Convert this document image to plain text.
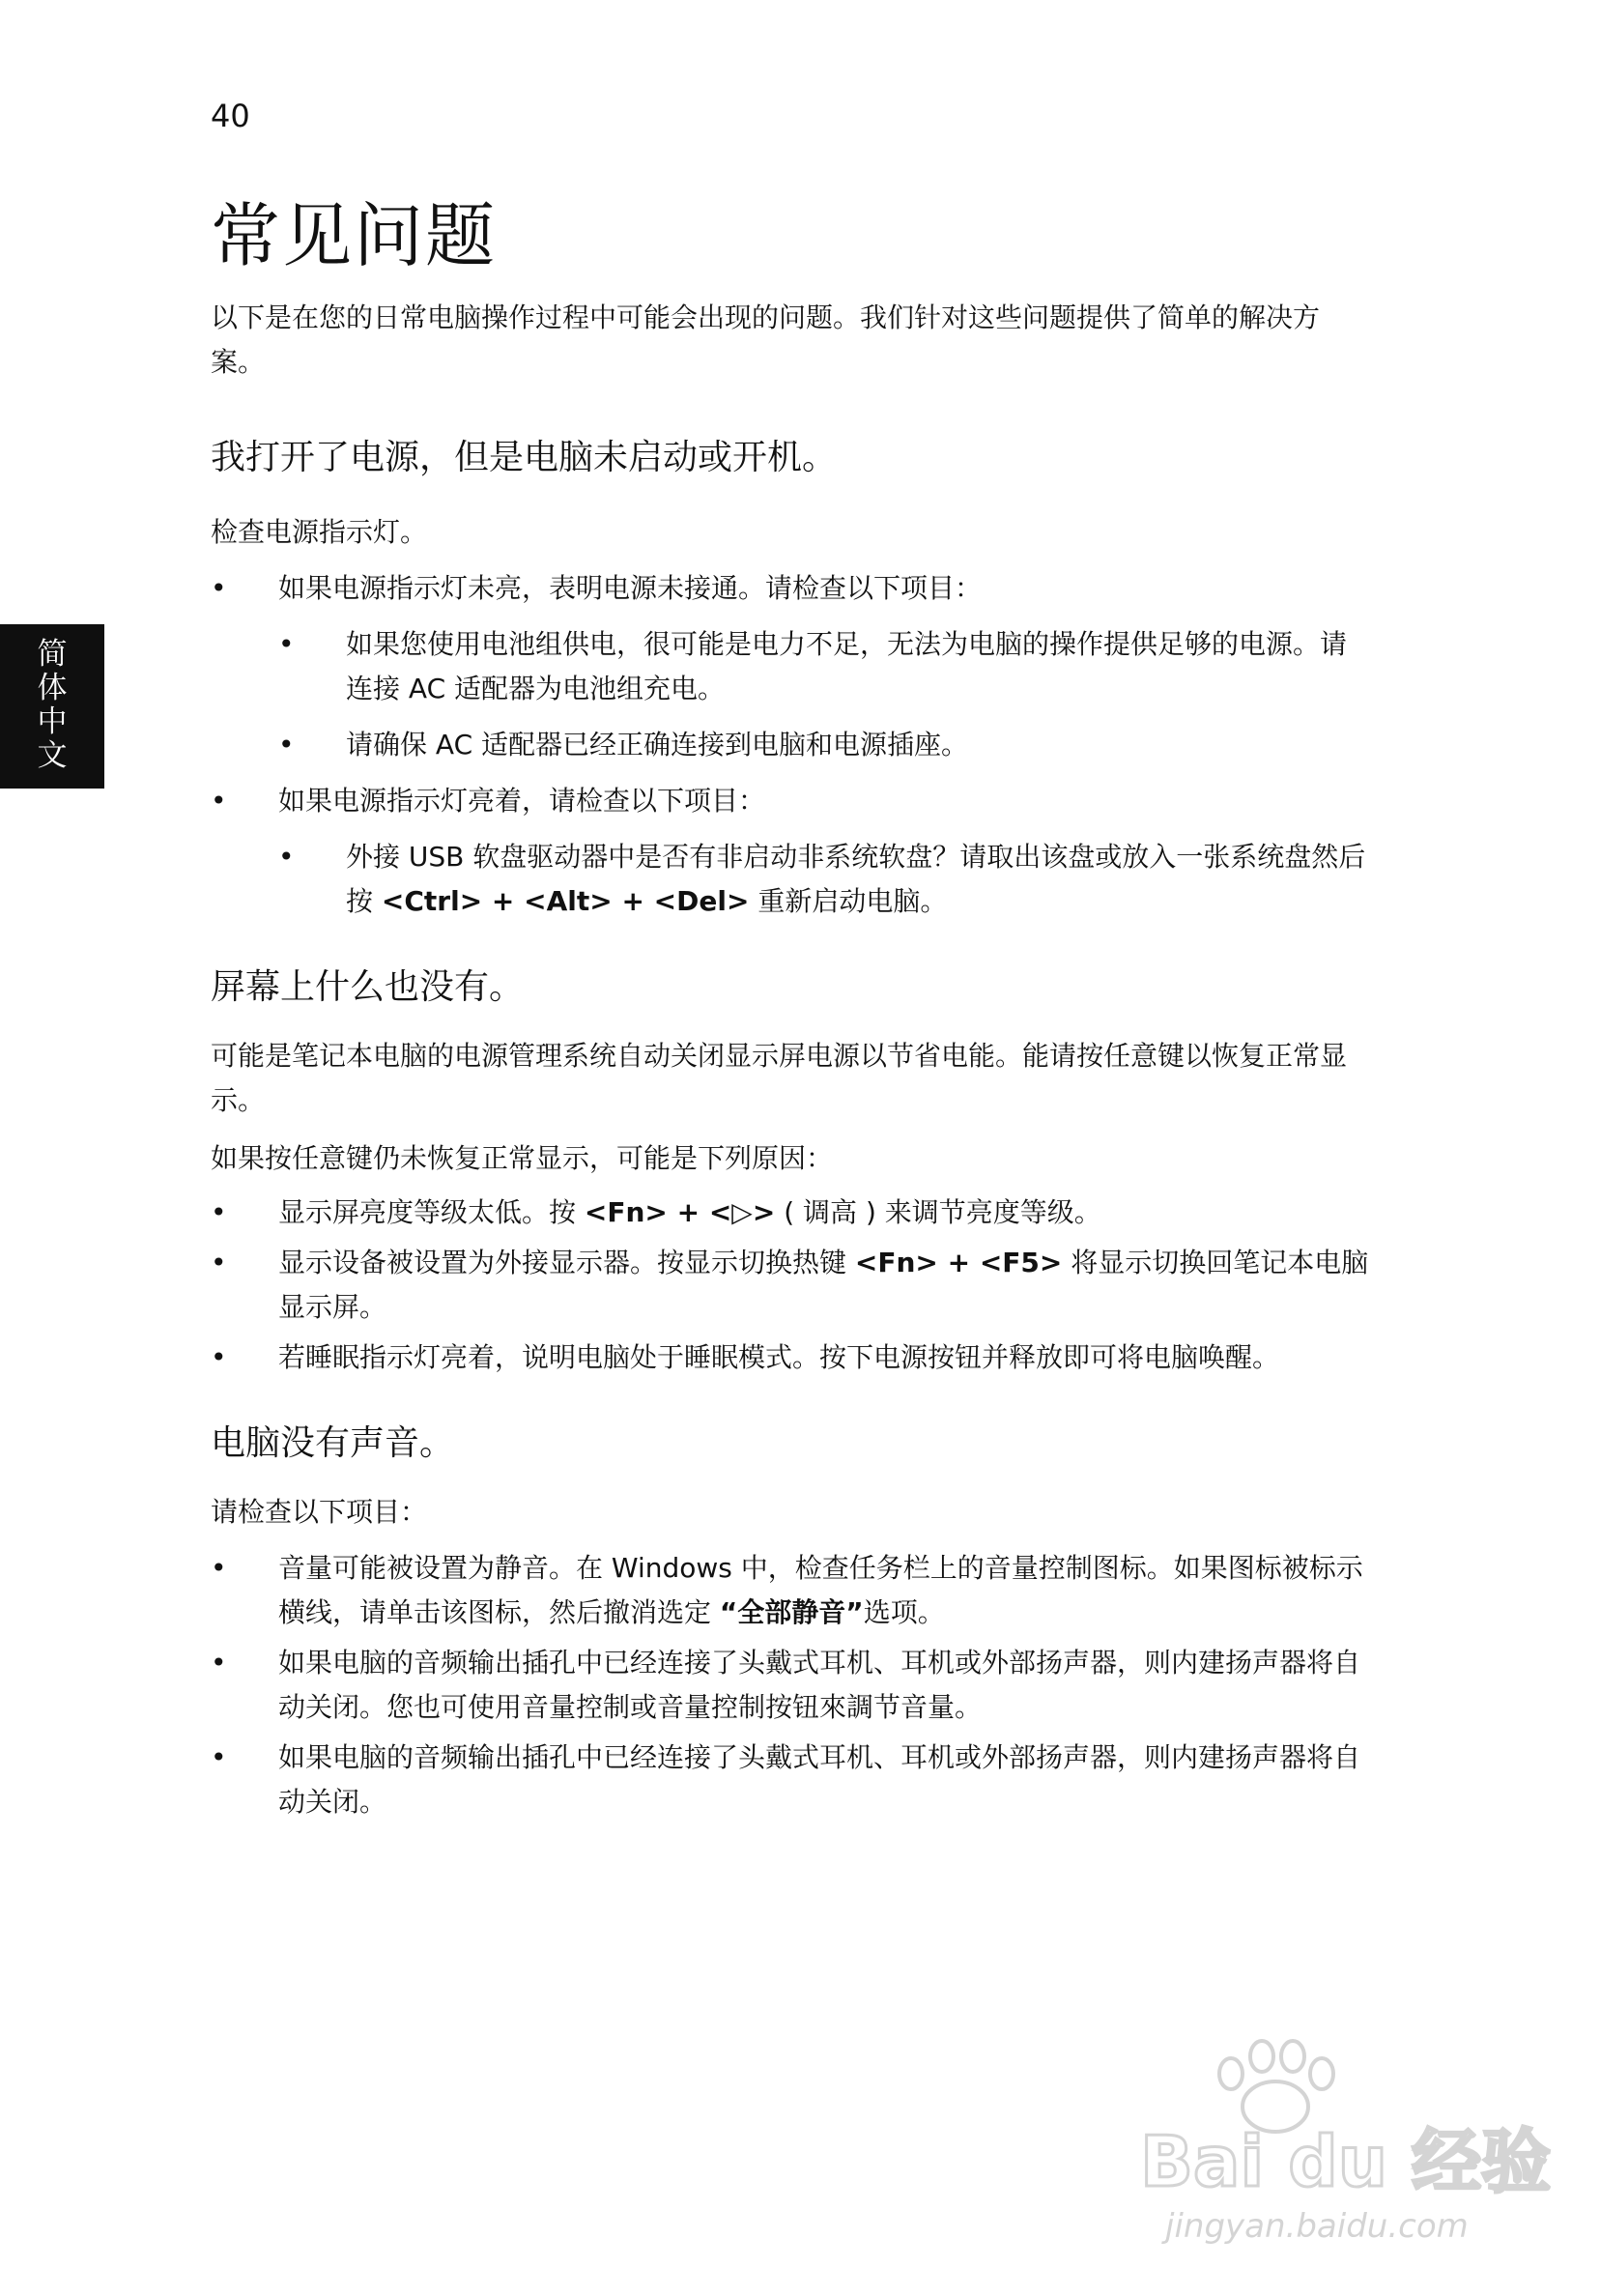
40
简体中文
常见问题

以下是在您的日常电脑操作过程中可能会出现的问题。我们针对这些问题提供了简单的解决方案。

我打开了电源，但是电脑未启动或开机。

检查电源指示灯。

•	如果电源指示灯未亮，表明电源未接通。请检查以下项目：
•	如果您使用电池组供电，很可能是电力不足，无法为电脑的操作提供足够的电源。请连接 AC 适配器为电池组充电。
•	请确保 AC 适配器已经正确连接到电脑和电源插座。
•	如果电源指示灯亮着，请检查以下项目：
•	外接 USB 软盘驱动器中是否有非启动非系统软盘？请取出该盘或放入一张系统盘然后按 <Ctrl> + <Alt> + <Del> 重新启动电脑。
屏幕上什么也没有。

可能是笔记本电脑的电源管理系统自动关闭显示屏电源以节省电能。能请按任意键以恢复正常显示。

如果按任意键仍未恢复正常显示，可能是下列原因：

•	显示屏亮度等级太低。按 <Fn> + <▷> ( 调高 ) 来调节亮度等级。
•	显示设备被设置为外接显示器。按显示切换热键 <Fn> + <F5> 将显示切换回笔记本电脑显示屏。
•	若睡眠指示灯亮着，说明电脑处于睡眠模式。按下电源按钮并释放即可将电脑唤醒。
电脑没有声音。

请检查以下项目：

•	音量可能被设置为静音。在 Windows 中，检查任务栏上的音量控制图标。如果图标被标示横线，请单击该图标，然后撤消选定 “全部静音”选项。
•	如果电脑的音频输出插孔中已经连接了头戴式耳机、耳机或外部扬声器，则内建扬声器将自动关闭。您也可使用音量控制或音量控制按钮來調节音量。
•	如果电脑的音频输出插孔中已经连接了头戴式耳机、耳机或外部扬声器，则内建扬声器将自动关闭。
Bai du 经验
jingyan.baidu.com
